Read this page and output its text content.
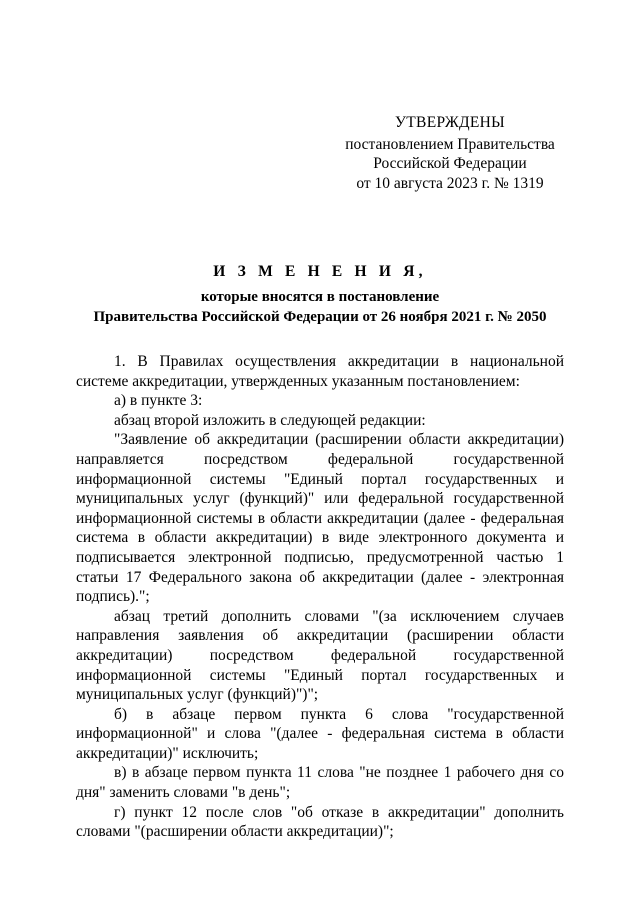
УТВЕРЖДЕНЫ
постановлением Правительства
Российской Федерации
от 10 августа 2023 г. № 1319
И З М Е Н Е Н И Я,
которые вносятся в постановление
Правительства Российской Федерации от 26 ноября 2021 г. № 2050

1. В Правилах осуществления аккредитации в национальной системе аккредитации, утвержденных указанным постановлением:

а) в пункте 3:

абзац второй изложить в следующей редакции:

"Заявление об аккредитации (расширении области аккредитации) направляется посредством федеральной государственной информационной системы "Единый портал государственных и муниципальных услуг (функций)" или федеральной государственной информационной системы в области аккредитации (далее - федеральная система в области аккредитации) в виде электронного документа и подписывается электронной подписью, предусмотренной частью 1 статьи 17 Федерального закона об аккредитации (далее - электронная подпись).";

абзац третий дополнить словами "(за исключением случаев направления заявления об аккредитации (расширении области аккредитации) посредством федеральной государственной информационной системы "Единый портал государственных и муниципальных услуг (функций)")";

б) в абзаце первом пункта 6 слова "государственной информационной" и слова "(далее - федеральная система в области аккредитации)" исключить;

в) в абзаце первом пункта 11 слова "не позднее 1 рабочего дня со дня" заменить словами "в день";

г) пункт 12 после слов "об отказе в аккредитации" дополнить словами "(расширении области аккредитации)";
